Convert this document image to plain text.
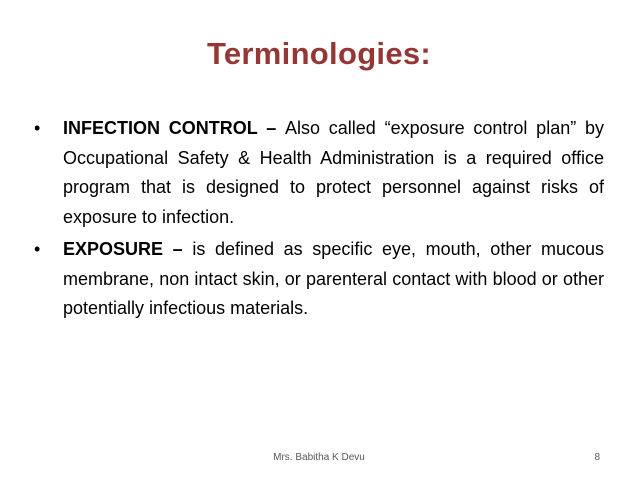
Terminologies:
•	INFECTION CONTROL – Also called “exposure control plan” by Occupational Safety & Health Administration is a required office program that is designed to protect personnel against risks of exposure to infection.
•	EXPOSURE – is defined as specific eye, mouth, other mucous membrane, non intact skin, or parenteral contact with blood or other potentially infectious materials.
Mrs. Babitha K Devu	8
